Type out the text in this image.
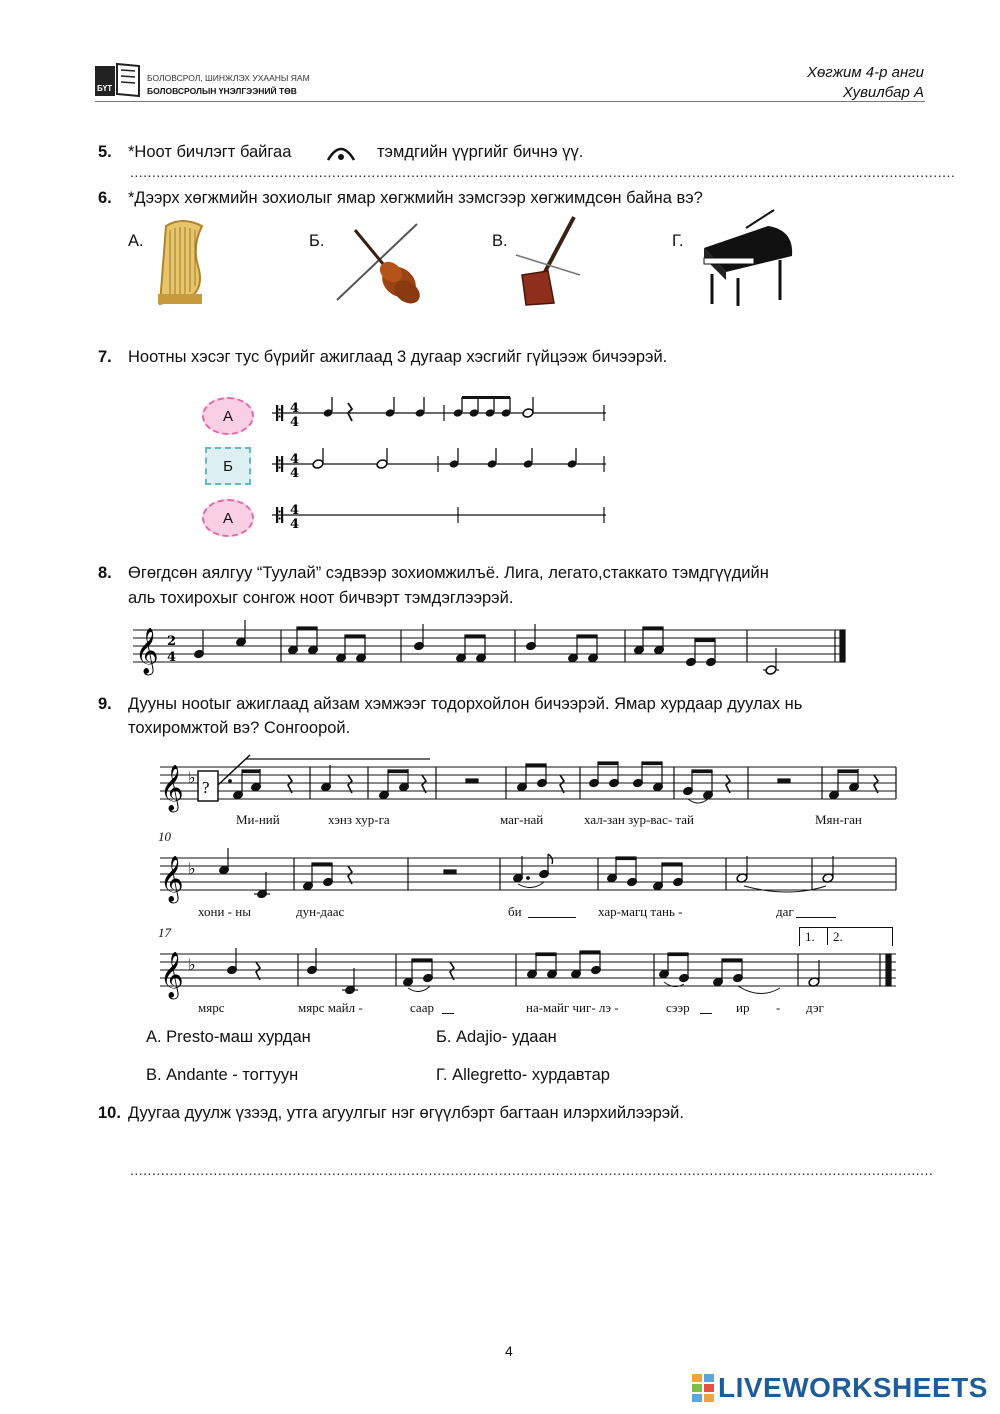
БҮТ
БОЛОВСРОЛ, ШИНЖЛЭХ УХААНЫ ЯАМ
БОЛОВСРОЛЫН ҮНЭЛГЭЭНИЙ ТӨВ
Хөгжим 4-р анги
Хувилбар А
5. *Ноот бичлэгт байгаа	тэмдгийн үүргийг бичнэ үү.
............................................................................................................................................................................................
6. *Дээрх хөгжмийн зохиолыг ямар хөгжмийн зэмсгээр хөгжимдсөн байна вэ?
А.	Б.	В.	Г.
7. Ноотны хэсэг тус бүрийг ажиглаад 3 дугаар хэсгийг гүйцээж бичээрэй.
А
Б
А
4
4
4
4
4
4
8. Өгөгдсөн аялгуу “Туулай” сэдвээр зохиомжилъё. Лига, легато,стаккато тэмдгүүдийн
аль тохирохыг сонгож ноот бичвэрт тэмдэглээрэй.
𝄞 2
4
9. Дууны нootыг ажиглаад айзам хэмжээг тодорхойлон бичээрэй. Ямар хурдаар дуулах нь
тохиромжтой вэ? Сонгоорой.
𝄞 ♭
?
Ми-ний	хэнз хур-га	маг-най	хал-зан зур-вас- тай	Мян-ган
10
𝄞 ♭
хони - ны	дун-даас	би	хар-магц тань -	даг
17	1. 2.
𝄞 ♭
мярс	мярс майл -	саар	на-майг чиг- лэ -	сээр	ир - дэг
А. Presto-маш хурдан	Б. Adajio- удаан
В. Andante - тогтуун	Г. Allegretto- хурдавтар
10. Дуугаа дуулж үзээд, утга агуулгыг нэг өгүүлбэрт багтаан илэрхийлээрэй.
.......................................................................................................................................................................................
4
LIVEWORKSHEETS
